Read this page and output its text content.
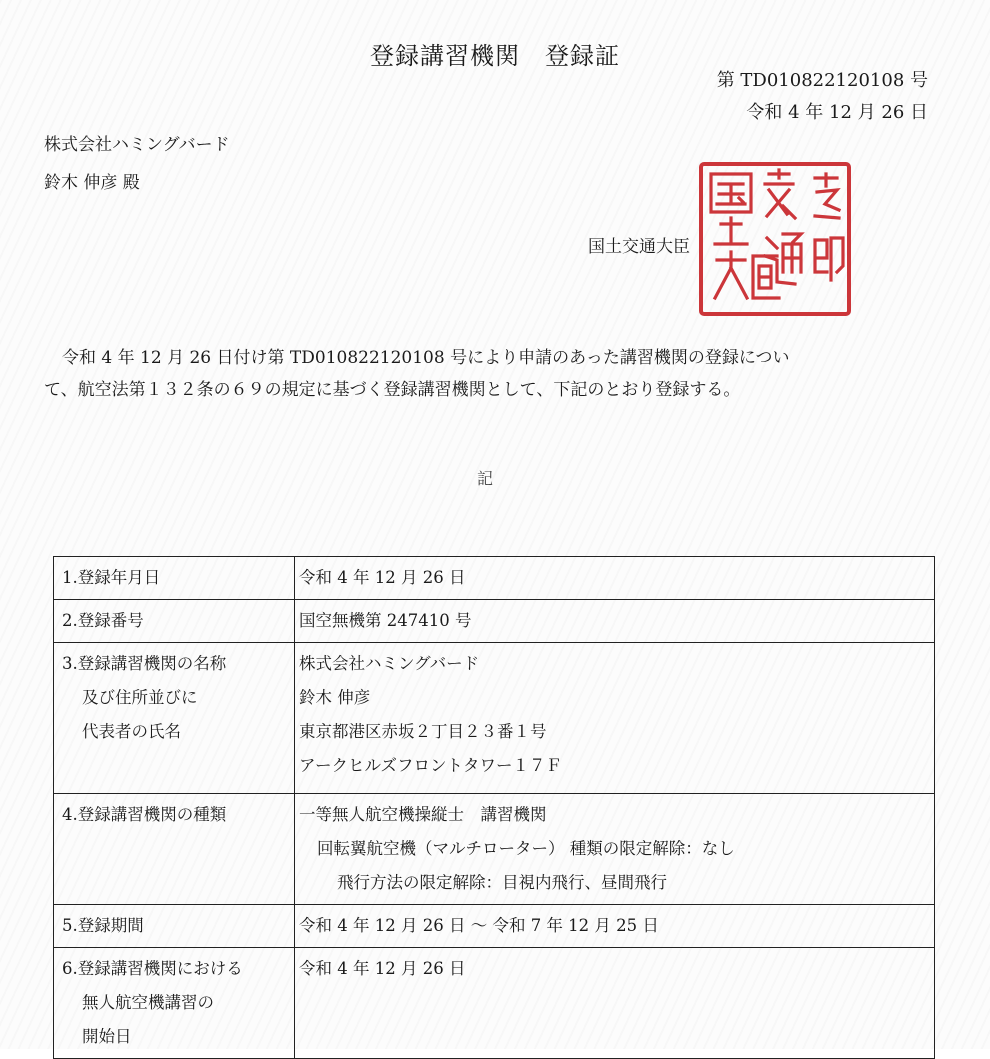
登録講習機関　登録証
第 TD010822120108 号
令和 4 年 12 月 26 日
株式会社ハミングバード
鈴木 伸彦 殿
国土交通大臣
令和 4 年 12 月 26 日付け第 TD010822120108 号により申請のあった講習機関の登録につい
て、航空法第１３２条の６９の規定に基づく登録講習機関として、下記のとおり登録する。
記
1.登録年月日	令和 4 年 12 月 26 日
2.登録番号	国空無機第 247410 号

3.登録講習機関の名称
及び住所並びに
代表者の氏名	株式会社ハミングバード
鈴木 伸彦
東京都港区赤坂２丁目２３番１号
アークヒルズフロントタワー１７Ｆ

4.登録講習機関の種類	一等無人航空機操縦士　講習機関
回転翼航空機（マルチローター） 種類の限定解除：なし
飛行方法の限定解除：目視内飛行、昼間飛行

5.登録期間	令和 4 年 12 月 26 日 ～ 令和 7 年 12 月 25 日

6.登録講習機関における
無人航空機講習の
開始日	令和 4 年 12 月 26 日
